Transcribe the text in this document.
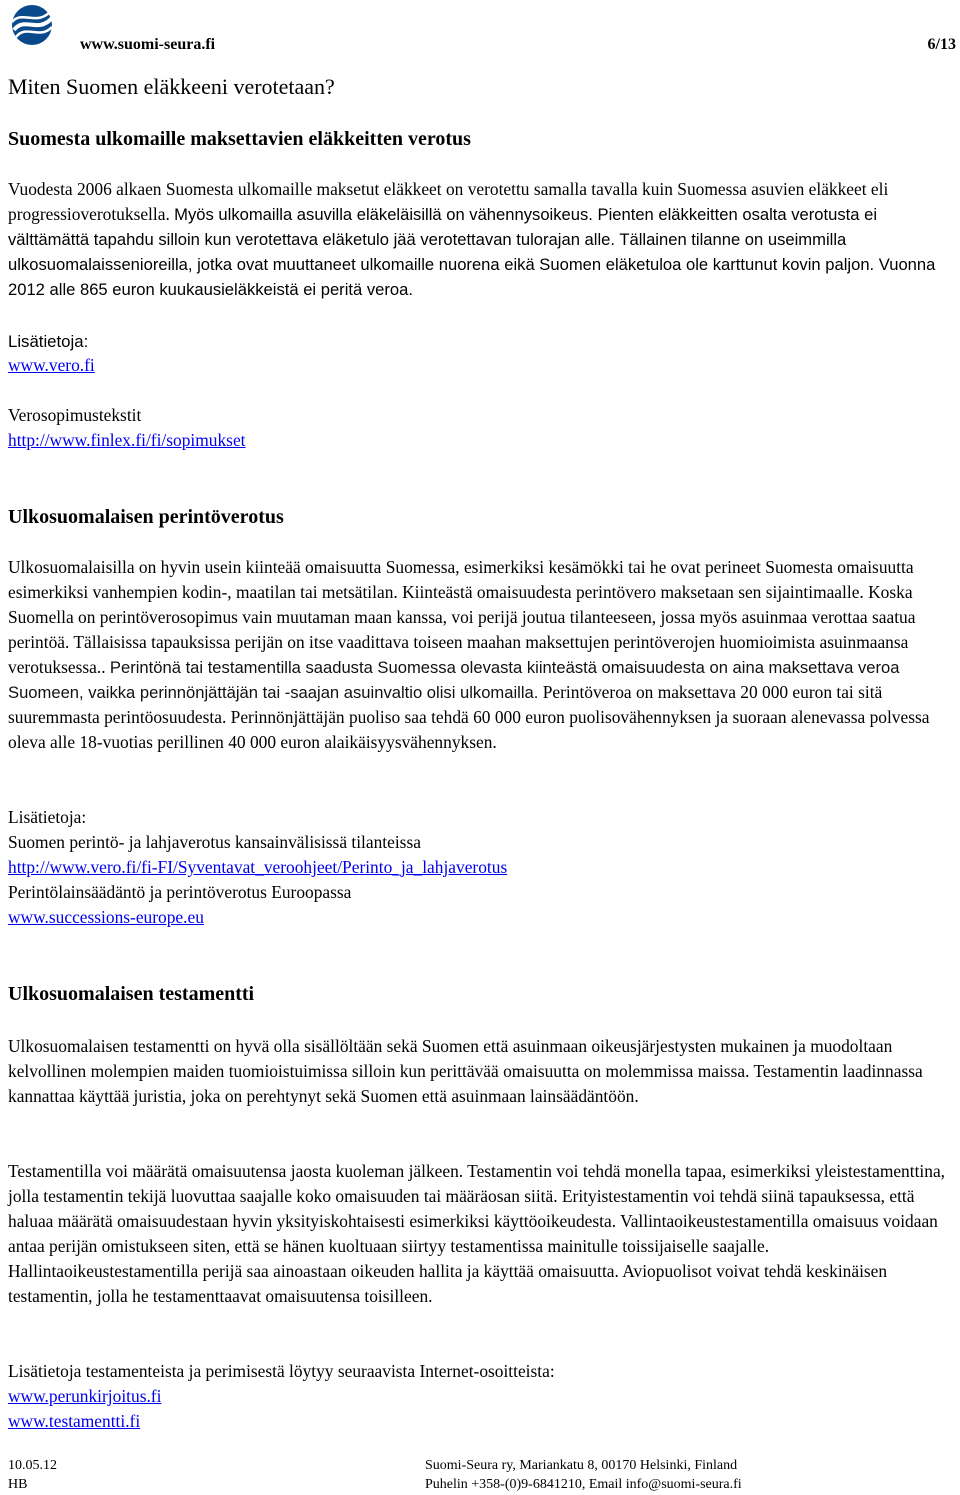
www.suomi-seura.fi	6/13
Miten Suomen eläkkeeni verotetaan?
Suomesta ulkomaille maksettavien eläkkeitten verotus

Vuodesta 2006 alkaen Suomesta ulkomaille maksetut eläkkeet on verotettu samalla tavalla kuin Suomessa asuvien eläkkeet eli progressioverotuksella. Myös ulkomailla asuvilla eläkeläisillä on vähennysoikeus. Pienten eläkkeitten osalta verotusta ei välttämättä tapahdu silloin kun verotettava eläketulo jää verotettavan tulorajan alle. Tällainen tilanne on useimmilla ulkosuomalaissenioreilla, jotka ovat muuttaneet ulkomaille nuorena eikä Suomen eläketuloa ole karttunut kovin paljon. Vuonna 2012 alle 865 euron kuukausieläkkeistä ei peritä veroa.

Lisätietoja:

www.vero.fi

Verosopimustekstit

http://www.finlex.fi/fi/sopimukset
Ulkosuomalaisen perintöverotus

Ulkosuomalaisilla on hyvin usein kiinteää omaisuutta Suomessa, esimerkiksi kesämökki tai he ovat perineet Suomesta omaisuutta esimerkiksi vanhempien kodin-, maatilan tai metsätilan. Kiinteästä omaisuudesta perintövero maksetaan sen sijaintimaalle. Koska Suomella on perintöverosopimus vain muutaman maan kanssa, voi perijä joutua tilanteeseen, jossa myös asuinmaa verottaa saatua perintöä. Tällaisissa tapauksissa perijän on itse vaadittava toiseen maahan maksettujen perintöverojen huomioimista asuinmaansa verotuksessa.. Perintönä tai testamentilla saadusta Suomessa olevasta kiinteästä omaisuudesta on aina maksettava veroa Suomeen, vaikka perinnönjättäjän tai -saajan asuinvaltio olisi ulkomailla. Perintöveroa on maksettava 20 000 euron tai sitä suuremmasta perintöosuudesta. Perinnönjättäjän puoliso saa tehdä 60 000 euron puolisovähennyksen ja suoraan alenevassa polvessa oleva alle 18-vuotias perillinen 40 000 euron alaikäisyysvähennyksen.

Lisätietoja:

Suomen perintö- ja lahjaverotus kansainvälisissä tilanteissa

http://www.vero.fi/fi-FI/Syventavat_veroohjeet/Perinto_ja_lahjaverotus

Perintölainsäädäntö ja perintöverotus Euroopassa

www.successions-europe.eu
Ulkosuomalaisen testamentti

Ulkosuomalaisen testamentti on hyvä olla sisällöltään sekä Suomen että asuinmaan oikeusjärjestysten mukainen ja muodoltaan kelvollinen molempien maiden tuomioistuimissa silloin kun perittävää omaisuutta on molemmissa maissa. Testamentin laadinnassa kannattaa käyttää juristia, joka on perehtynyt sekä Suomen että asuinmaan lainsäädäntöön.

Testamentilla voi määrätä omaisuutensa jaosta kuoleman jälkeen. Testamentin voi tehdä monella tapaa, esimerkiksi yleistestamenttina, jolla testamentin tekijä luovuttaa saajalle koko omaisuuden tai määräosan siitä. Erityistestamentin voi tehdä siinä tapauksessa, että haluaa määrätä omaisuudestaan hyvin yksityiskohtaisesti esimerkiksi käyttöoikeudesta. Vallintaoikeustestamentilla omaisuus voidaan antaa perijän omistukseen siten, että se hänen kuoltuaan siirtyy testamentissa mainitulle toissijaiselle saajalle. Hallintaoikeustestamentilla perijä saa ainoastaan oikeuden hallita ja käyttää omaisuutta. Aviopuolisot voivat tehdä keskinäisen testamentin, jolla he testamenttaavat omaisuutensa toisilleen.

Lisätietoja testamenteista ja perimisestä löytyy seuraavista Internet-osoitteista:

www.perunkirjoitus.fi
www.testamentti.fi
10.05.12
HB
Suomi-Seura ry, Mariankatu 8, 00170 Helsinki, Finland
Puhelin +358-(0)9-6841210, Email info@suomi-seura.fi
